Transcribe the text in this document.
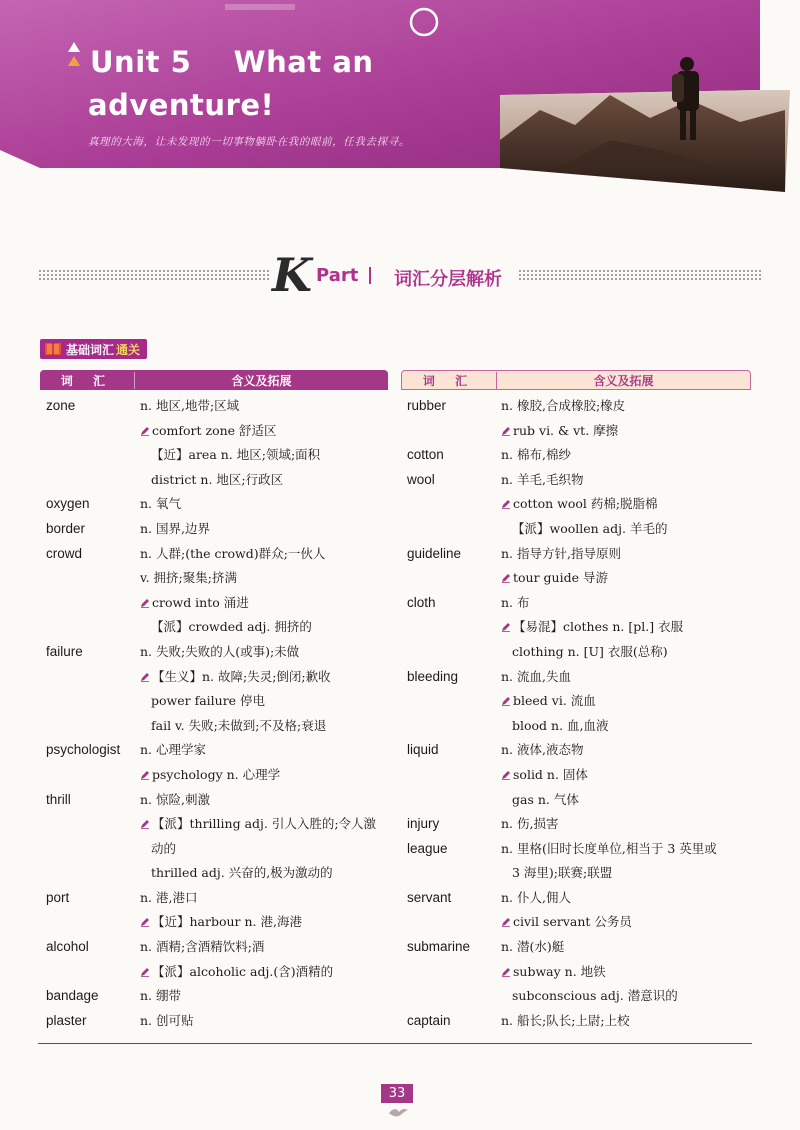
Unit 5    What an
adventure!
真理的大海，让未发现的一切事物躺卧在我的眼前，任我去探寻。
K Part 词汇分层解析
基础词汇 通关
词 汇	含义及拓展
zone	n. 地区,地带;区域
comfort zone 舒适区
【近】area n. 地区;领域;面积
district n. 地区;行政区
oxygen	n. 氧气
border	n. 国界,边界
crowd	n. 人群;(the crowd)群众;一伙人
v. 拥挤;聚集;挤满
crowd into 涌进
【派】crowded adj. 拥挤的
failure	n. 失败;失败的人(或事);未做
【生义】n. 故障;失灵;倒闭;歉收
power failure 停电
fail v. 失败;未做到;不及格;衰退
psychologist	n. 心理学家
psychology n. 心理学
thrill	n. 惊险,刺激
【派】thrilling adj. 引人入胜的;令人激
动的
thrilled adj. 兴奋的,极为激动的
port	n. 港,港口
【近】harbour n. 港,海港
alcohol	n. 酒精;含酒精饮料;酒
【派】alcoholic adj.(含)酒精的
bandage	n. 绷带
plaster	n. 创可贴
词 汇	含义及拓展
rubber	n. 橡胶,合成橡胶;橡皮
rub vi. & vt. 摩擦
cotton	n. 棉布,棉纱
wool	n. 羊毛,毛织物
cotton wool 药棉;脱脂棉
【派】woollen adj. 羊毛的
guideline	n. 指导方针,指导原则
tour guide 导游
cloth	n. 布
【易混】clothes n. [pl.] 衣服
clothing n. [U] 衣服(总称)
bleeding	n. 流血,失血
bleed vi. 流血
blood n. 血,血液
liquid	n. 液体,液态物
solid n. 固体
gas n. 气体
injury	n. 伤,损害
league	n. 里格(旧时长度单位,相当于 3 英里或
3 海里);联赛;联盟
servant	n. 仆人,佣人
civil servant 公务员
submarine	n. 潜(水)艇
subway n. 地铁
subconscious adj. 潜意识的
captain	n. 船长;队长;上尉;上校
33
